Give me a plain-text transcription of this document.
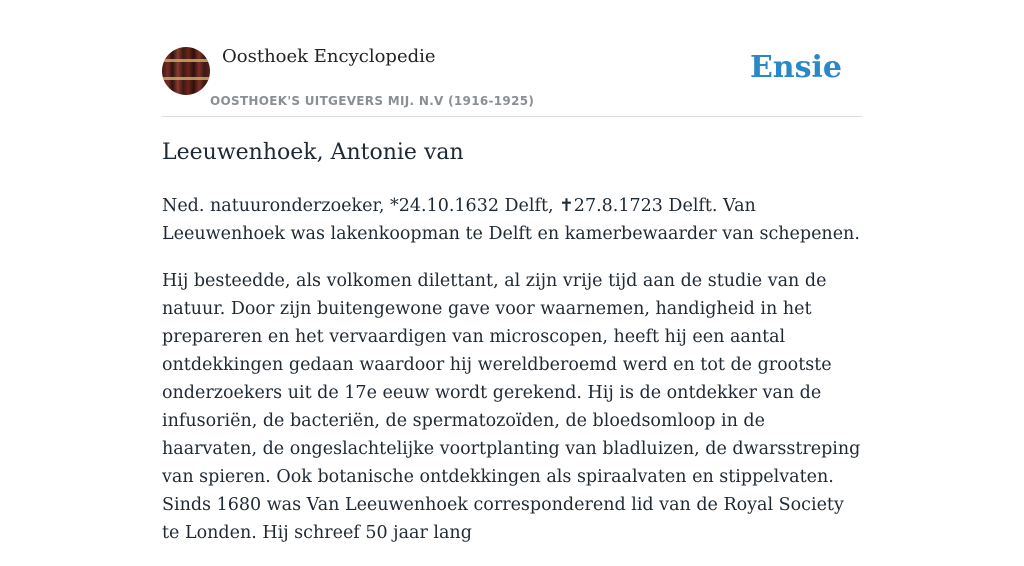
Oosthoek Encyclopedie
OOSTHOEK'S UITGEVERS MIJ. N.V (1916-1925)
Ensie
Leeuwenhoek, Antonie van

Ned. natuuronderzoeker, *24.10.1632 Delft, ✝27.8.1723 Delft. Van Leeuwenhoek was lakenkoopman te Delft en kamerbewaarder van schepenen.

Hij besteedde, als volkomen dilettant, al zijn vrije tijd aan de studie van de natuur. Door zijn buitengewone gave voor waarnemen, handigheid in het prepareren en het vervaardigen van microscopen, heeft hij een aantal ontdekkingen gedaan waardoor hij wereldberoemd werd en tot de grootste onderzoekers uit de 17e eeuw wordt gerekend. Hij is de ontdekker van de infusoriën, de bacteriën, de spermatozoïden, de bloedsomloop in de haarvaten, de ongeslachtelijke voortplanting van bladluizen, de dwarsstreping van spieren. Ook botanische ontdekkingen als spiraalvaten en stippelvaten. Sinds 1680 was Van Leeuwenhoek corresponderend lid van de Royal Society te Londen. Hij schreef 50 jaar lang
